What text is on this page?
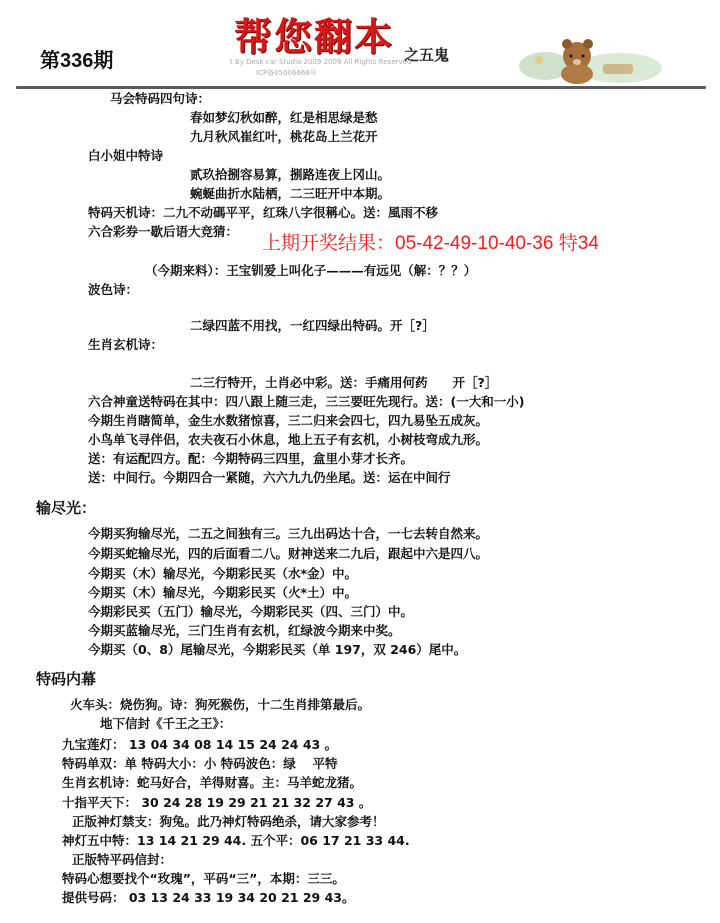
第336期
帮您翻本 之五鬼
t By Desk car Studio 2009 2009 All Rights Reserved
ICP备05006668号
马会特码四句诗：
春如梦幻秋如醉，红是相思绿是愁
九月秋风崔红叶，桃花岛上兰花开
白小姐中特诗
贰玖拾捌容易算，捌路连夜上冈山。
蜿蜒曲折水陆栖，二三旺开中本期。
特码天机诗：二九不动碼平平，红珠八字很稱心。送：風雨不移
六合彩券一歇后语大竞猜：
（今期来料）：王宝钏爱上叫化子———有远见（解：？？）
波色诗：
二绿四蓝不用找，一红四绿出特码。开［?］
生肖玄机诗：
二三行特开，土肖必中彩。送：手痛用何药　　开［?］
六合神童送特码在其中：四八跟上随三走，三三要旺先现行。送：(一大和一小)
今期生肖瞎简单，金生水数猪惊喜，三二归来会四七，四九易坠五成灰。
小鸟单飞寻伴侣，农夫夜石小休息，地上五子有玄机，小树枝弯成九形。
送：有运配四方。配：今期特码三四里，盒里小芽才长齐。
送：中间行。今期四合一紧随，六六九九仍坐尾。送：运在中间行
今期买狗输尽光，二五之间独有三。三九出码达十合，一七去转自然来。
今期买蛇输尽光，四的后面看二八。财神送来二九后，跟起中六是四八。
今期买（木）输尽光，今期彩民买（水*金）中。
今期买（木）输尽光，今期彩民买（火*土）中。
今期彩民买（五门）输尽光，今期彩民买（四、三门）中。
今期买蓝输尽光，三门生肖有玄机，红绿波今期来中奖。
今期买（0、8）尾输尽光，今期彩民买（单 197，双 246）尾中。
火车头：烧伤狗。诗：狗死猴伤，十二生肖排第最后。
地下信封《千王之王》：
九宝莲灯： 13 04 34 08 14 15 24 24 43 。
特码单双：单 特码大小：小 特码波色：绿　 平特
生肖玄机诗：蛇马好合，羊得财喜。主：马羊蛇龙猪。
十指平天下： 30 24 28 19 29 21 21 32 27 43 。
正版神灯禁支：狗兔。此乃神灯特码绝杀，请大家参考！
神灯五中特：13 14 21 29 44. 五个平：06 17 21 33 44.
正版特平码信封：
特码心想要找个“玫瑰”，平码“三”，本期：三三。
提供号码： 03 13 24 33 19 34 20 21 29 43。
输尽光：
特码内幕
上期开奖结果：05-42-49-10-40-36 特34
